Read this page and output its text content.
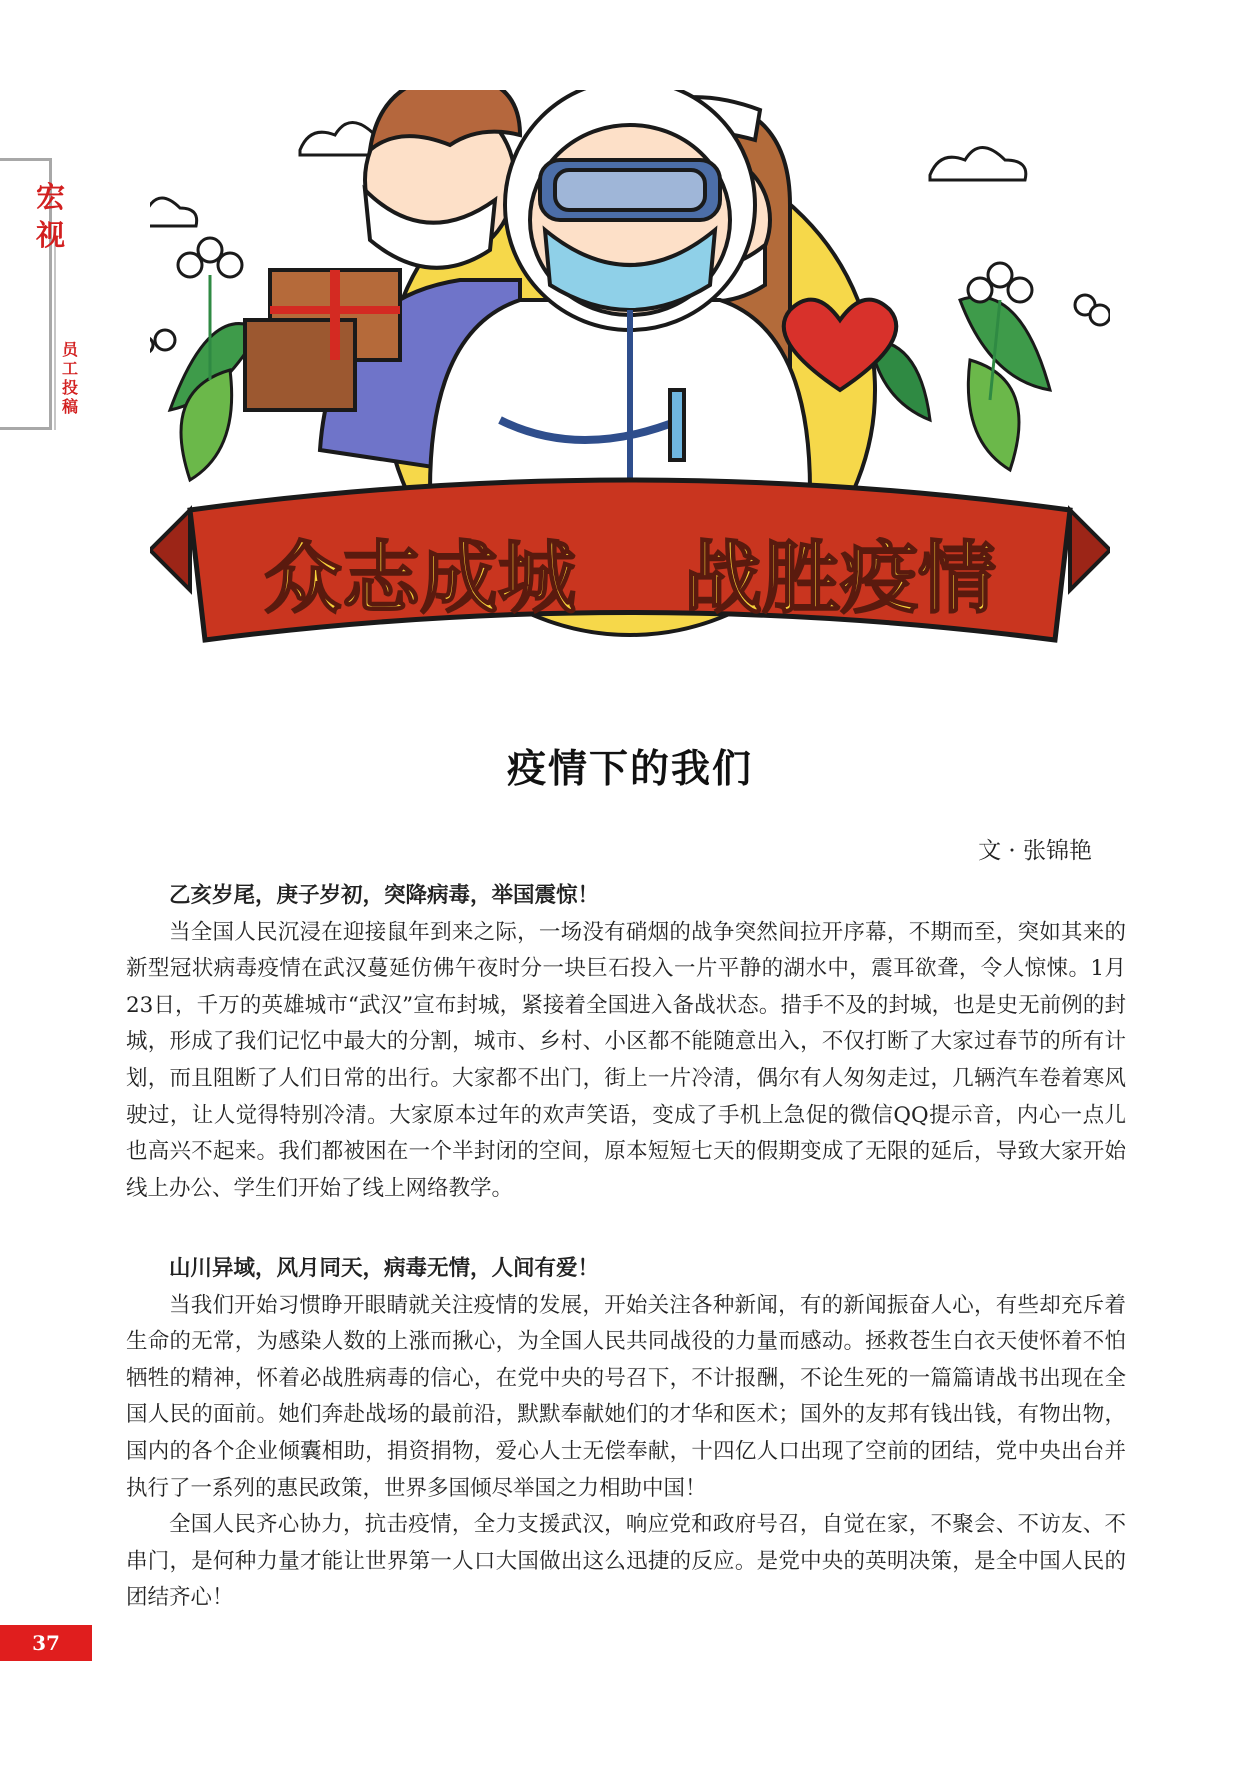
宏
视
员
工
投
稿
众志成城 战胜疫情
疫情下的我们
文 · 张锦艳

乙亥岁尾，庚子岁初，突降病毒，举国震惊！

当全国人民沉浸在迎接鼠年到来之际，一场没有硝烟的战争突然间拉开序幕，不期而至，突如其来的新型冠状病毒疫情在武汉蔓延仿佛午夜时分一块巨石投入一片平静的湖水中，震耳欲聋，令人惊悚。1月23日，千万的英雄城市“武汉”宣布封城，紧接着全国进入备战状态。措手不及的封城，也是史无前例的封城，形成了我们记忆中最大的分割，城市、乡村、小区都不能随意出入，不仅打断了大家过春节的所有计划，而且阻断了人们日常的出行。大家都不出门，街上一片冷清，偶尔有人匆匆走过，几辆汽车卷着寒风驶过，让人觉得特别冷清。大家原本过年的欢声笑语，变成了手机上急促的微信QQ提示音，内心一点儿也高兴不起来。我们都被困在一个半封闭的空间，原本短短七天的假期变成了无限的延后，导致大家开始线上办公、学生们开始了线上网络教学。

山川异域，风月同天，病毒无情，人间有爱！

当我们开始习惯睁开眼睛就关注疫情的发展，开始关注各种新闻，有的新闻振奋人心，有些却充斥着生命的无常，为感染人数的上涨而揪心，为全国人民共同战役的力量而感动。拯救苍生白衣天使怀着不怕牺牲的精神，怀着必战胜病毒的信心，在党中央的号召下，不计报酬，不论生死的一篇篇请战书出现在全国人民的面前。她们奔赴战场的最前沿，默默奉献她们的才华和医术；国外的友邦有钱出钱，有物出物，国内的各个企业倾囊相助，捐资捐物，爱心人士无偿奉献，十四亿人口出现了空前的团结，党中央出台并执行了一系列的惠民政策，世界多国倾尽举国之力相助中国！

全国人民齐心协力，抗击疫情，全力支援武汉，响应党和政府号召，自觉在家，不聚会、不访友、不串门，是何种力量才能让世界第一人口大国做出这么迅捷的反应。是党中央的英明决策，是全中国人民的团结齐心！

37
